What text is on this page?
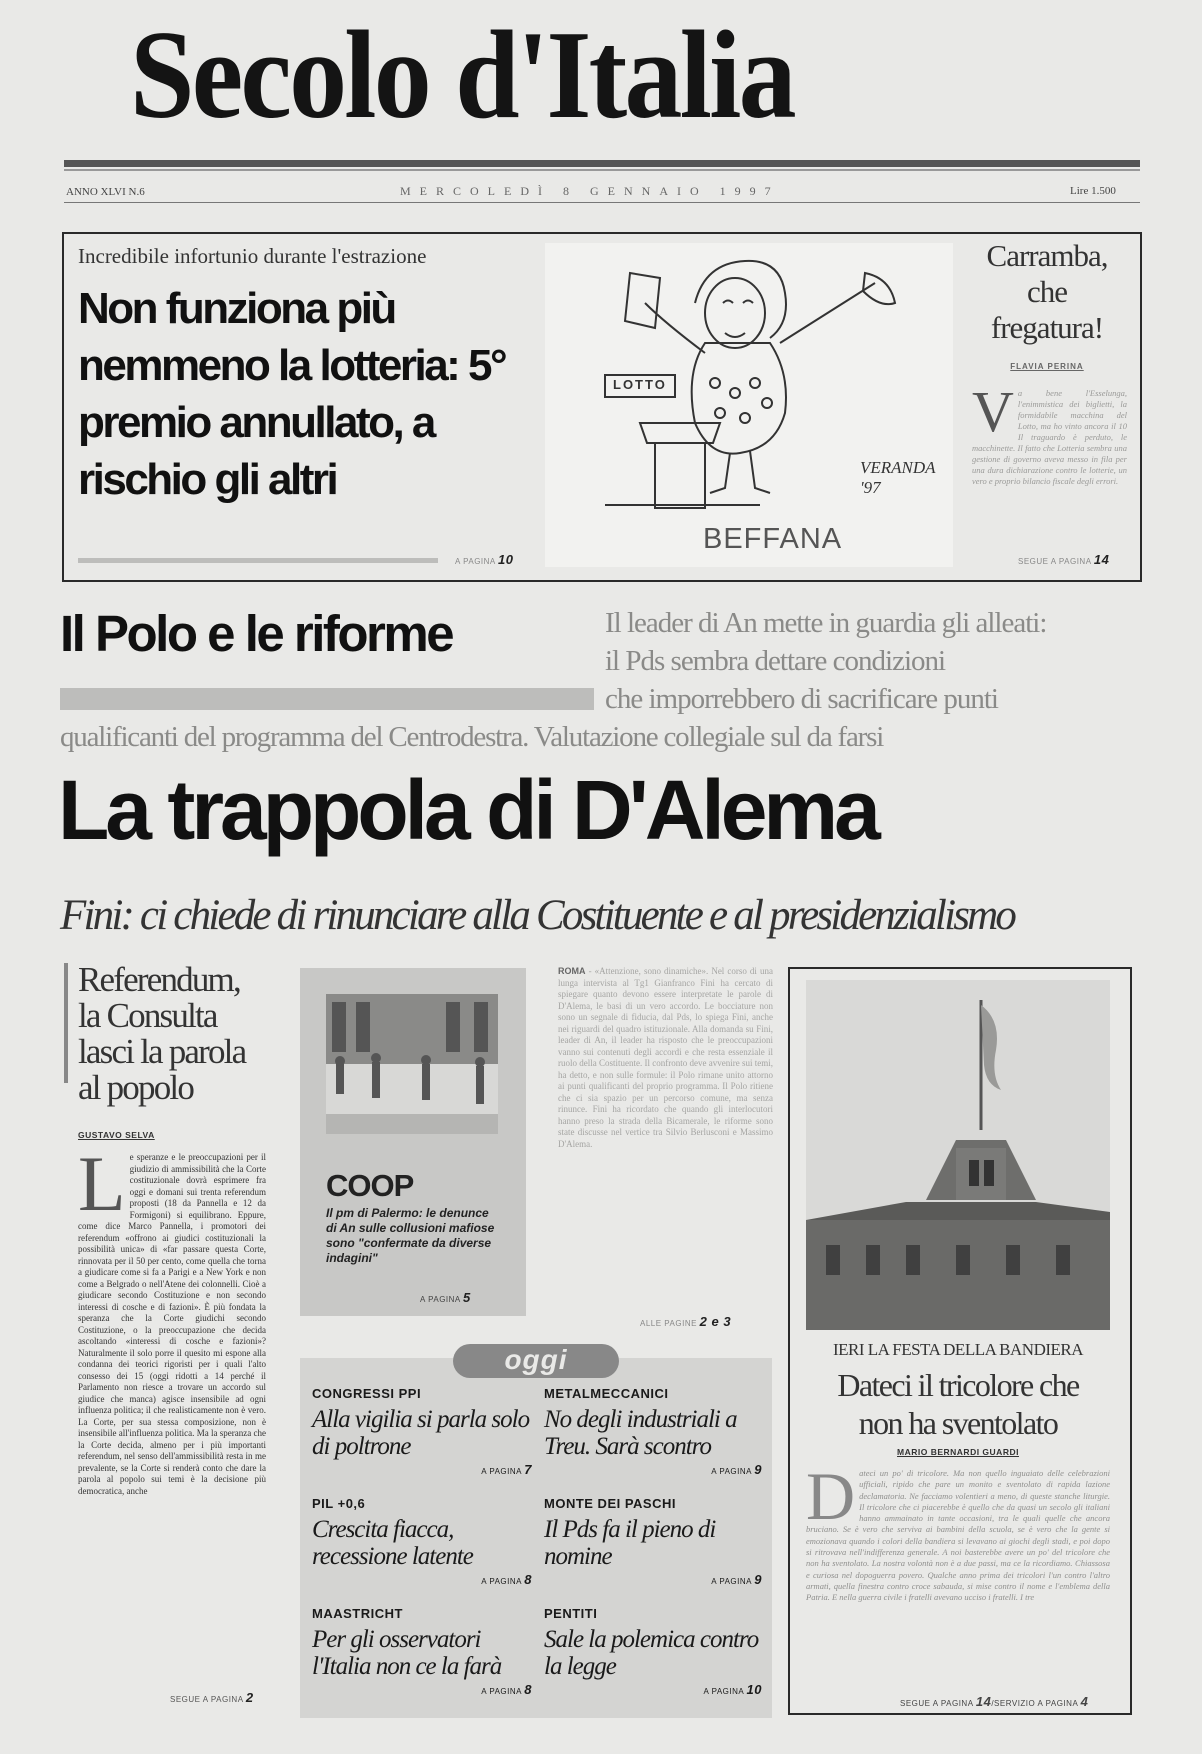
Secolo d'Italia
ANNO XLVI N.6	MERCOLEDÌ 8 GENNAIO 1997	Lire 1.500
Incredibile infortunio durante l'estrazione
Non funziona più nemmeno la lotteria: 5° premio annullato, a rischio gli altri
A PAGINA 10
LOTTO
VERANDA '97
BEFFANA
Carramba, che fregatura!
FLAVIA PERINA
V a bene l'Esselunga, l'enimmistica dei biglietti, la formidabile macchina del Lotto, ma ho vinto ancora il 10 Il traguardo è perduto, le macchinette. Il fatto che Lotteria sembra una gestione di governo aveva messo in fila per una dura dichiarazione contro le lotterie, un vero e proprio bilancio fiscale degli errori.
SEGUE A PAGINA 14
Il Polo e le riforme	Il leader di An mette in guardia gli alleati:
il Pds sembra dettare condizioni
che imporrebbero di sacrificare punti
qualificanti del programma del Centrodestra. Valutazione collegiale sul da farsi
La trappola di D'Alema
Fini: ci chiede di rinunciare alla Costituente e al presidenzialismo
Referendum, la Consulta lasci la parola al popolo
GUSTAVO SELVA
L e speranze e le preoccupazioni per il giudizio di ammissibilità che la Corte costituzionale dovrà esprimere fra oggi e domani sui trenta referendum proposti (18 da Pannella e 12 da Formigoni) si equilibrano. Eppure, come dice Marco Pannella, i promotori dei referendum «offrono ai giudici costituzionali la possibilità unica» di «far passare questa Corte, rinnovata per il 50 per cento, come quella che torna a giudicare come si fa a Parigi e a New York e non come a Belgrado o nell'Atene dei colonnelli. Cioè a giudicare secondo Costituzione e non secondo interessi di cosche e di fazioni». È più fondata la speranza che la Corte giudichi secondo Costituzione, o la preoccupazione che decida ascoltando «interessi di cosche e fazioni»? Naturalmente il solo porre il quesito mi espone alla condanna dei teorici rigoristi per i quali l'alto consesso dei 15 (oggi ridotti a 14 perché il Parlamento non riesce a trovare un accordo sul giudice che manca) agisce insensibile ad ogni influenza politica; il che realisticamente non è vero. La Corte, per sua stessa composizione, non è insensibile all'influenza politica. Ma la speranza che la Corte decida, almeno per i più importanti referendum, nel senso dell'ammissibilità resta in me prevalente, se la Corte si renderà conto che dare la parola al popolo sui temi è la decisione più democratica, anche
SEGUE A PAGINA 2
COOP
Il pm di Palermo: le denunce di An sulle collusioni mafiose sono "confermate da diverse indagini"
A PAGINA 5
ROMA - «Attenzione, sono dinamiche». Nel corso di una lunga intervista al Tg1 Gianfranco Fini ha cercato di spiegare quanto devono essere interpretate le parole di D'Alema, le basi di un vero accordo. Le bocciature non sono un segnale di fiducia, dal Pds, lo spiega Fini, anche nei riguardi del quadro istituzionale. Alla domanda su Fini, leader di An, il leader ha risposto che le preoccupazioni vanno sui contenuti degli accordi e che resta essenziale il ruolo della Costituente. Il confronto deve avvenire sui temi, ha detto, e non sulle formule: il Polo rimane unito attorno ai punti qualificanti del proprio programma. Il Polo ritiene che ci sia spazio per un percorso comune, ma senza rinunce. Fini ha ricordato che quando gli interlocutori hanno preso la strada della Bicamerale, le riforme sono state discusse nel vertice tra Silvio Berlusconi e Massimo D'Alema.
ALLE PAGINE 2 e 3
oggi
CONGRESSI PPI
Alla vigilia si parla solo di poltrone
A PAGINA 7
METALMECCANICI
No degli industriali a Treu. Sarà scontro
A PAGINA 9
PIL +0,6
Crescita fiacca, recessione latente
A PAGINA 8
MONTE DEI PASCHI
Il Pds fa il pieno di nomine
A PAGINA 9
MAASTRICHT
Per gli osservatori l'Italia non ce la farà
A PAGINA 8
PENTITI
Sale la polemica contro la legge
A PAGINA 10
IERI LA FESTA DELLA BANDIERA
Dateci il tricolore che non ha sventolato
MARIO BERNARDI GUARDI
D ateci un po' di tricolore. Ma non quello inguaiato delle celebrazioni ufficiali, ripido che pare un monito e sventolato di rapida lazione declamatoria. Ne facciamo volentieri a meno, di queste stanche liturgie. Il tricolore che ci piacerebbe è quello che da quasi un secolo gli italiani hanno ammainato in tante occasioni, tra le quali quelle che ancora bruciano. Se è vero che serviva ai bambini della scuola, se è vero che la gente si emozionava quando i colori della bandiera si levavano ai giochi degli stadi, e poi dopo si ritrovava nell'indifferenza generale. A noi basterebbe avere un po' del tricolore che non ha sventolato. La nostra volontà non è a due passi, ma ce la ricordiamo. Chiassosa e curiosa nel dopoguerra povero. Qualche anno prima dei tricolori l'un contro l'altro armati, quella finestra contro croce sabauda, si mise contro il nome e l'emblema della Patria. E nella guerra civile i fratelli avevano ucciso i fratelli. I tre
SEGUE A PAGINA 14/SERVIZIO A PAGINA 4
